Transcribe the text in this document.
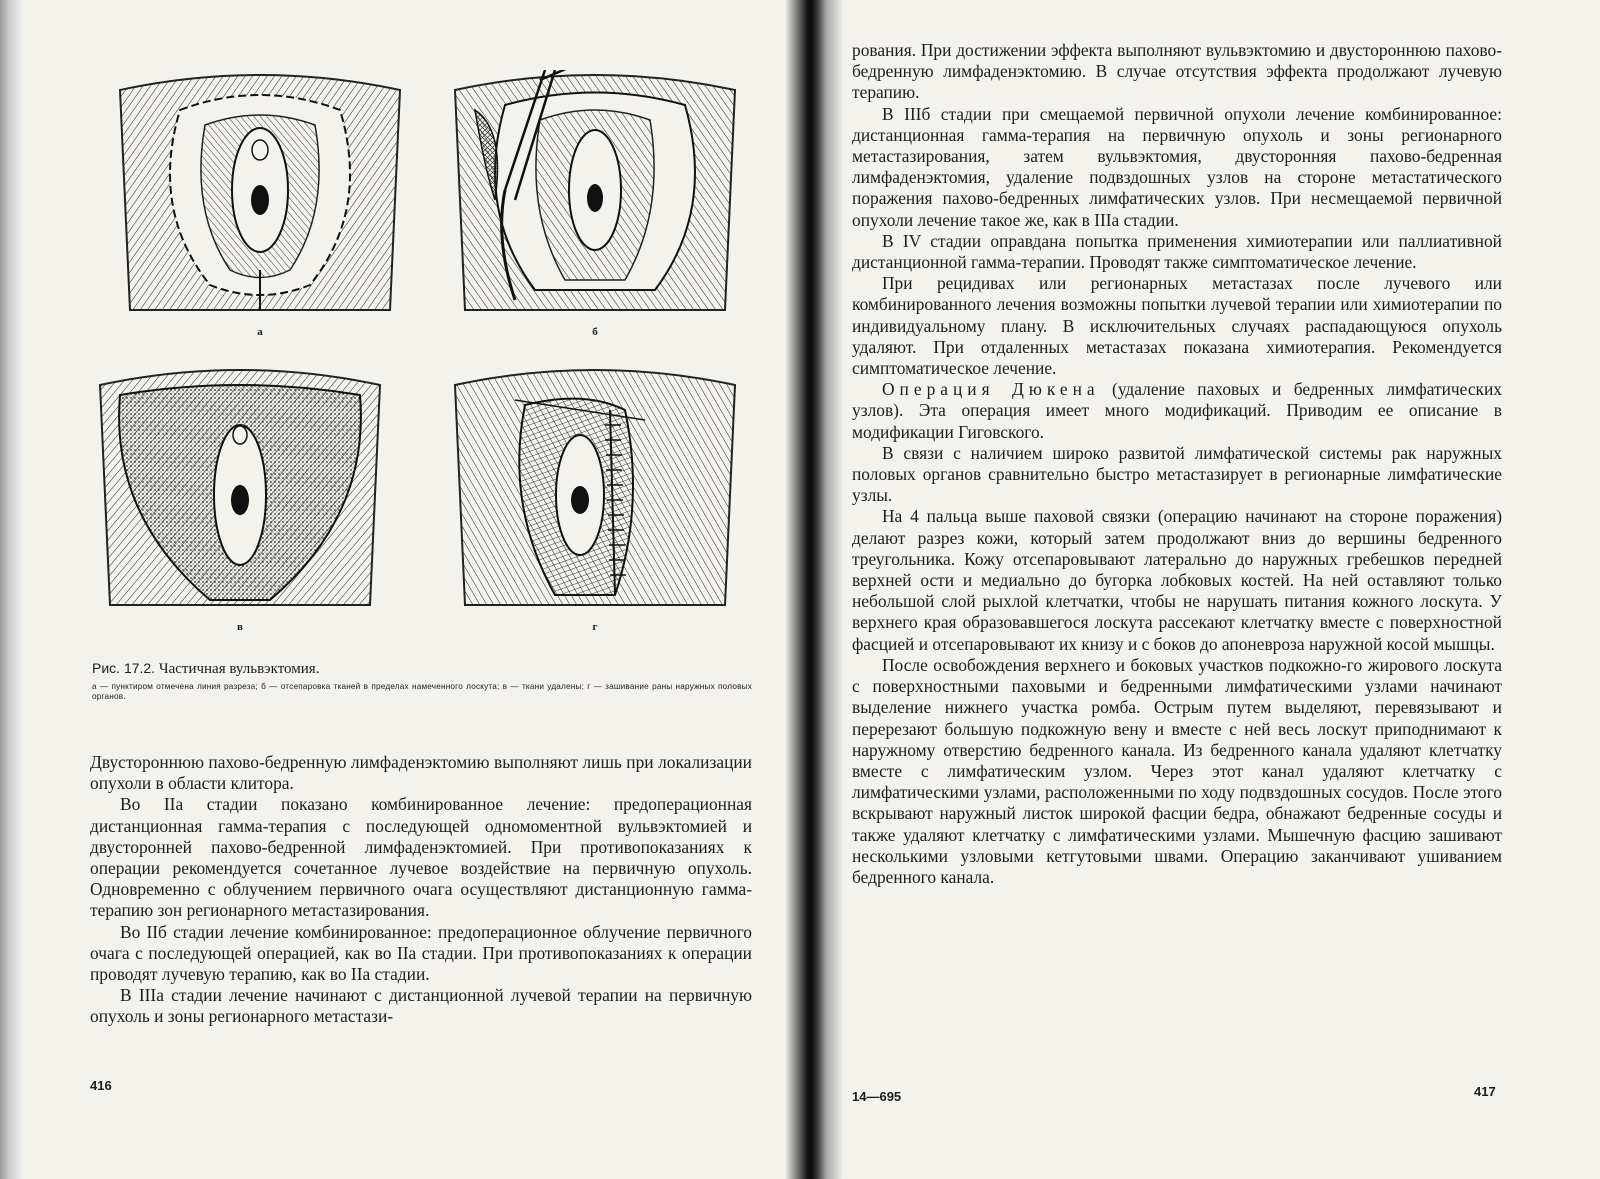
а	б
в	г
Рис. 17.2. Частичная вульвэктомия.
а — пунктиром отмечена линия разреза; б — отсепаровка тканей в пределах намеченного лоскута; в — ткани удалены; г — зашивание раны наружных половых органов.

Двустороннюю пахово-бедренную лимфаденэктомию выполняют лишь при локализации опухоли в области клитора.

Во IIа стадии показано комбинированное лечение: предоперационная дистанционная гамма-терапия с последующей одномоментной вульвэктомией и двусторонней пахово-бедренной лимфаденэктомией. При противопоказаниях к операции рекомендуется сочетанное лучевое воздействие на первичную опухоль. Одновременно с облучением первичного очага осуществляют дистанционную гамма-терапию зон регионарного метастазирования.

Во IIб стадии лечение комбинированное: предоперационное облучение первичного очага с последующей операцией, как во IIа стадии. При противопоказаниях к операции проводят лучевую терапию, как во IIа стадии.

В IIIа стадии лечение начинают с дистанционной лучевой терапии на первичную опухоль и зоны регионарного метастази-

416

рования. При достижении эффекта выполняют вульвэктомию и двустороннюю пахово-бедренную лимфаденэктомию. В случае отсутствия эффекта продолжают лучевую терапию.

В IIIб стадии при смещаемой первичной опухоли лечение комбинированное: дистанционная гамма-терапия на первичную опухоль и зоны регионарного метастазирования, затем вульвэктомия, двусторонняя пахово-бедренная лимфаденэктомия, удаление подвздошных узлов на стороне метастатического поражения пахово-бедренных лимфатических узлов. При несмещаемой первичной опухоли лечение такое же, как в IIIа стадии.

В IV стадии оправдана попытка применения химиотерапии или паллиативной дистанционной гамма-терапии. Проводят также симптоматическое лечение.

При рецидивах или регионарных метастазах после лучевого или комбинированного лечения возможны попытки лучевой терапии или химиотерапии по индивидуальному плану. В исключительных случаях распадающуюся опухоль удаляют. При отдаленных метастазах показана химиотерапия. Рекомендуется симптоматическое лечение.

Операция Дюкена (удаление паховых и бедренных лимфатических узлов). Эта операция имеет много модификаций. Приводим ее описание в модификации Гиговского.

В связи с наличием широко развитой лимфатической системы рак наружных половых органов сравнительно быстро метастазирует в регионарные лимфатические узлы.

На 4 пальца выше паховой связки (операцию начинают на стороне поражения) делают разрез кожи, который затем продолжают вниз до вершины бедренного треугольника. Кожу отсепаровывают латерально до наружных гребешков передней верхней ости и медиально до бугорка лобковых костей. На ней оставляют только небольшой слой рыхлой клетчатки, чтобы не нарушать питания кожного лоскута. У верхнего края образовавшегося лоскута рассекают клетчатку вместе с поверхностной фасцией и отсепаровывают их книзу и с боков до апоневроза наружной косой мышцы.

После освобождения верхнего и боковых участков подкожно-го жирового лоскута с поверхностными паховыми и бедренными лимфатическими узлами начинают выделение нижнего участка ромба. Острым путем выделяют, перевязывают и перерезают большую подкожную вену и вместе с ней весь лоскут приподнимают к наружному отверстию бедренного канала. Из бедренного канала удаляют клетчатку вместе с лимфатическим узлом. Через этот канал удаляют клетчатку с лимфатическими узлами, расположенными по ходу подвздошных сосудов. После этого вскрывают наружный листок широкой фасции бедра, обнажают бедренные сосуды и также удаляют клетчатку с лимфатическими узлами. Мышечную фасцию зашивают несколькими узловыми кетгутовыми швами. Операцию заканчивают ушиванием бедренного канала.

14—695	417
